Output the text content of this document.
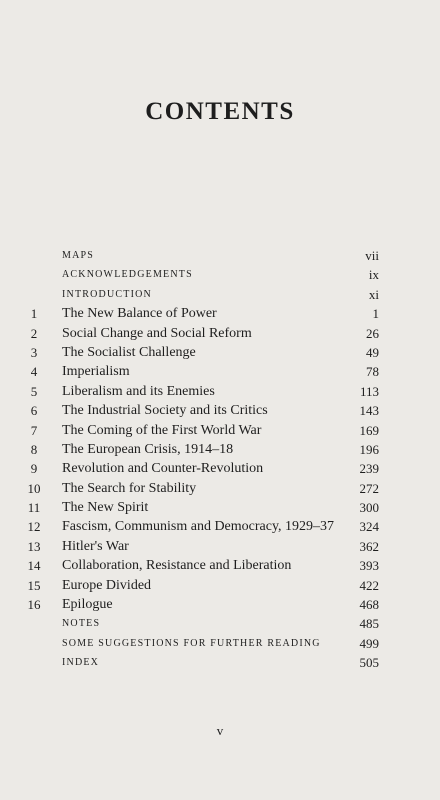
CONTENTS
MAPS	vii
ACKNOWLEDGEMENTS	ix
INTRODUCTION	xi
1	The New Balance of Power	1
2	Social Change and Social Reform	26
3	The Socialist Challenge	49
4	Imperialism	78
5	Liberalism and its Enemies	113
6	The Industrial Society and its Critics	143
7	The Coming of the First World War	169
8	The European Crisis, 1914–18	196
9	Revolution and Counter-Revolution	239
10	The Search for Stability	272
11	The New Spirit	300
12	Fascism, Communism and Democracy, 1929–37 324
13	Hitler's War	362
14	Collaboration, Resistance and Liberation	393
15	Europe Divided	422
16	Epilogue	468
NOTES	485
SOME SUGGESTIONS FOR FURTHER READING	499
INDEX	505
v
